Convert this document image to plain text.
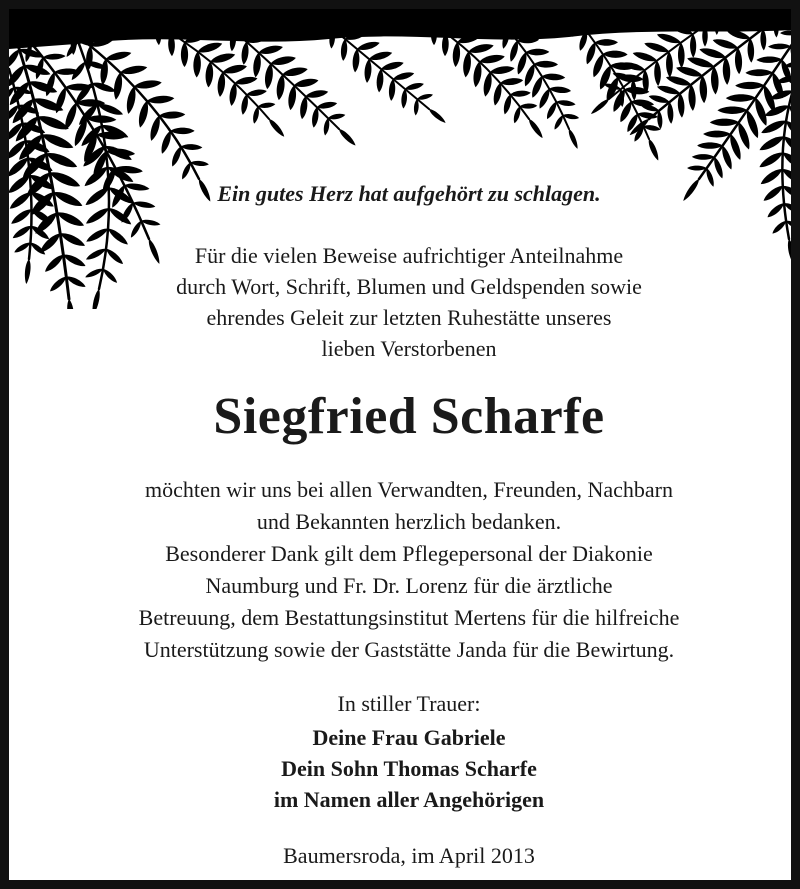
Ein gutes Herz hat aufgehört zu schlagen.
Für die vielen Beweise aufrichtiger Anteilnahme
durch Wort, Schrift, Blumen und Geldspenden sowie
ehrendes Geleit zur letzten Ruhestätte unseres
lieben Verstorbenen
Siegfried Scharfe
möchten wir uns bei allen Verwandten, Freunden, Nachbarn
und Bekannten herzlich bedanken.
Besonderer Dank gilt dem Pflegepersonal der Diakonie
Naumburg und Fr. Dr. Lorenz für die ärztliche
Betreuung, dem Bestattungsinstitut Mertens für die hilfreiche
Unterstützung sowie der Gaststätte Janda für die Bewirtung.
In stiller Trauer:
Deine Frau Gabriele
Dein Sohn Thomas Scharfe
im Namen aller Angehörigen
Baumersroda, im April 2013
